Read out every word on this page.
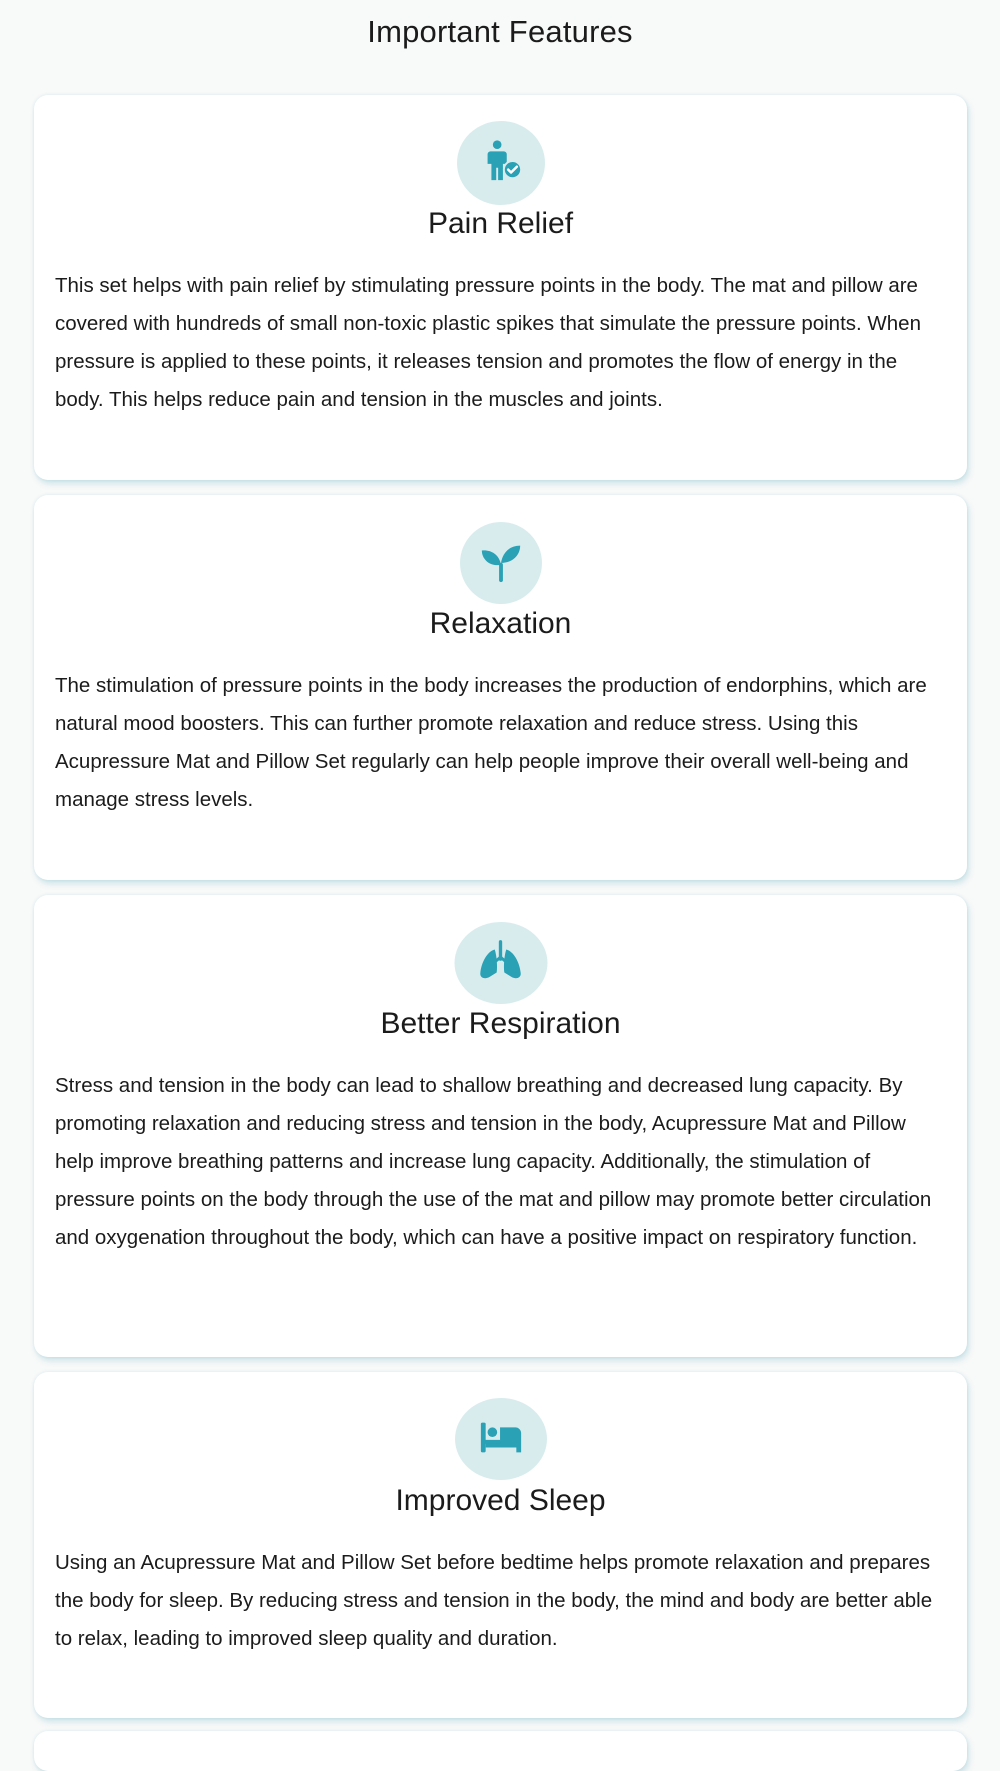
Important Features
Pain Relief

This set helps with pain relief by stimulating pressure points in the body. The mat and pillow are covered with hundreds of small non-toxic plastic spikes that simulate the pressure points. When pressure is applied to these points, it releases tension and promotes the flow of energy in the body. This helps reduce pain and tension in the muscles and joints.

Relaxation

The stimulation of pressure points in the body increases the production of endorphins, which are natural mood boosters. This can further promote relaxation and reduce stress. Using this Acupressure Mat and Pillow Set regularly can help people improve their overall well-being and manage stress levels.

Better Respiration

Stress and tension in the body can lead to shallow breathing and decreased lung capacity. By promoting relaxation and reducing stress and tension in the body, Acupressure Mat and Pillow help improve breathing patterns and increase lung capacity. Additionally, the stimulation of pressure points on the body through the use of the mat and pillow may promote better circulation and oxygenation throughout the body, which can have a positive impact on respiratory function.

Improved Sleep

Using an Acupressure Mat and Pillow Set before bedtime helps promote relaxation and prepares the body for sleep. By reducing stress and tension in the body, the mind and body are better able to relax, leading to improved sleep quality and duration.
